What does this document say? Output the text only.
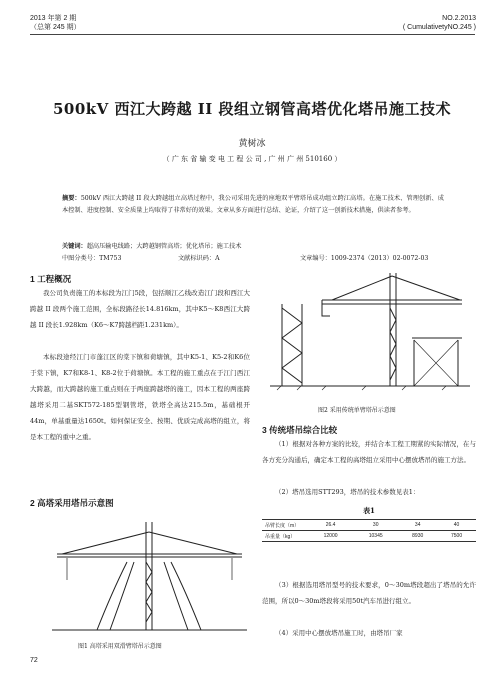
2013 年第 2 期
（总第 245 期）
NO.2.2013
( CumulativetyNO.245 )
500kV 西江大跨越 II 段组立钢管高塔优化塔吊施工技术
黄树冰
（ 广 东 省 输 变 电 工 程 公 司 , 广 州 广 州 510160 ）
摘要：500kV 西江大跨越 II 段大跨越组立高塔过程中，我公司采用先进的座地双平臂塔吊成功组立跨江高塔。在施工技术、管理创新、成本控制、进度控制、安全质量上均取得了非常好的效果。文章从多方面进行总结、论证，介绍了这一创新技术措施，供读者参考。
关键词：超高压输电线路；大跨越钢管高塔；优化塔吊；施工技术
中图分类号：TM753	文献标识码：A	文章编号：1009-2374（2013）02-0072-03
1 工程概况
我公司负责施工的本标段为江门5段，包括顺江乙线改造江门段和西江大跨越 II 段两个施工范围，全标段路径长14.816km，其中K5～K8西江大跨越 II 段长1.928km（K6～K7跨越档距1.231km）。
本标段途经江门市蓬江区的棠下镇和荷塘镇，其中K5-1、K5-2和K6位于棠下镇，K7和K8-1、K8-2位于荷塘镇。本工程的施工重点在于江门西江大跨越，而大跨越的施工重点则在于两座跨越塔的施工，因本工程的两座跨越塔采用二基SKT572-185型钢管塔，铁塔全高达215.5m，基础根开44m，单基重量达1650t。如何保证安全、按期、优质完成高塔的组立，将是本工程的重中之重。
2 高塔采用塔吊示意图
图1 高塔采用双滑臂塔吊示意图
72
图2 采用传统单臂塔吊示意图
3 传统塔吊综合比较
（1）根据对各种方案的比较，并结合本工程工期紧的实际情况，在与各方充分沟通后，确定本工程的高塔组立采用中心摆放塔吊的施工方法。
（2）塔吊选用STT293，塔吊的技术参数见表1：
表1
吊臂长度（m）	26.4	30	34	40
吊重量（kg）	12000	10345	8930	7500
（3）根据选用塔吊型号的技术要求，0～30m塔段超出了塔吊的允许范围，所以0～30m塔段将采用50t汽车吊进行组立。
（4）采用中心摆放塔吊施工时，由塔吊厂家
